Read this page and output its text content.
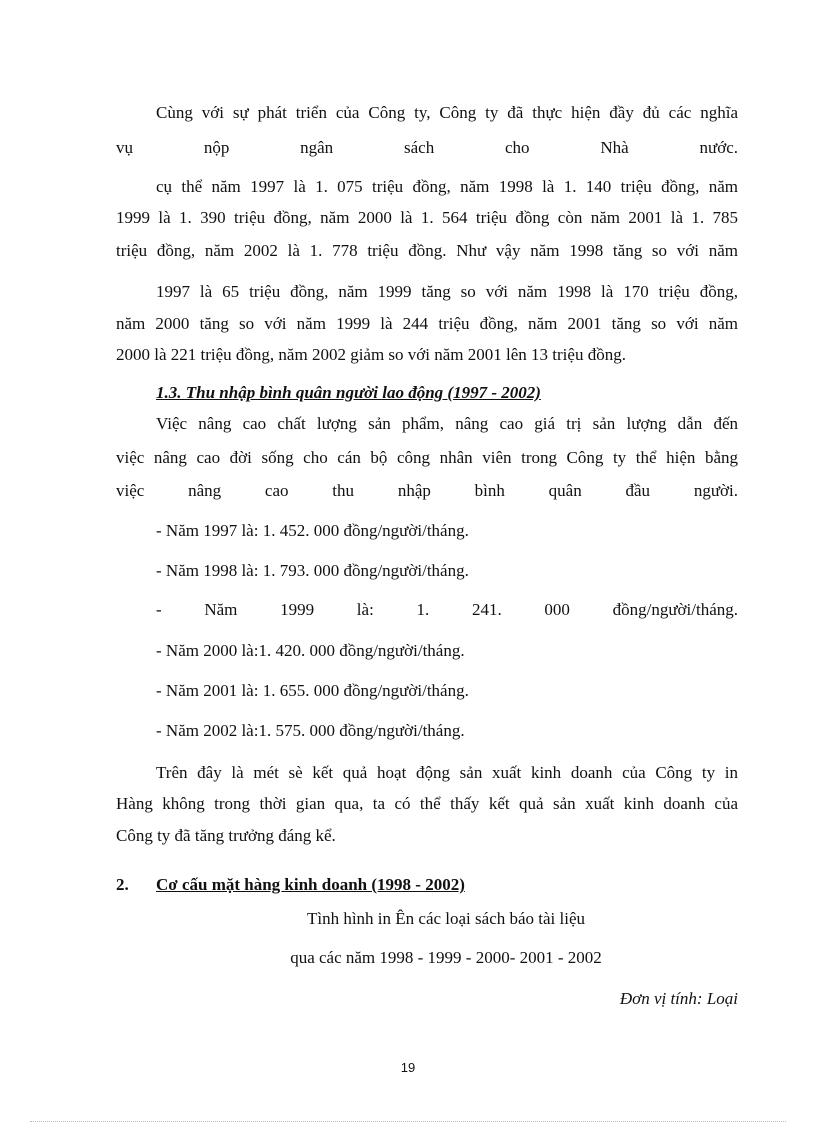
Cùng với sự phát triển của Công ty, Công ty đã thực hiện đầy đủ các nghĩa
vụ nộp ngân sách cho Nhà nước.
cụ thể năm 1997 là 1. 075 triệu đồng, năm 1998 là 1. 140 triệu đồng, năm
1999 là 1. 390 triệu đồng, năm 2000 là 1. 564 triệu đồng còn năm 2001 là 1. 785
triệu đồng, năm 2002 là 1. 778 triệu đồng. Như vậy năm 1998 tăng so với năm
1997 là 65 triệu đồng, năm 1999 tăng so với năm 1998 là 170 triệu đồng,
năm 2000 tăng so với năm 1999 là 244 triệu đồng, năm 2001 tăng so với năm
2000 là 221 triệu đồng, năm 2002 giảm so với năm 2001 lên 13 triệu đồng.
1.3. Thu nhập bình quân người lao động (1997 - 2002)
Việc nâng cao chất lượng sản phẩm, nâng cao giá trị sản lượng dẫn đến
việc nâng cao đời sống cho cán bộ công nhân viên trong Công ty thể hiện bằng
việc nâng cao thu nhập bình quân đầu người.
- Năm 1997 là: 1. 452. 000 đồng/người/tháng.
- Năm 1998 là: 1. 793. 000 đồng/người/tháng.
- Năm 1999 là: 1. 241. 000 đồng/người/tháng.
- Năm 2000 là:1. 420. 000 đồng/người/tháng.
- Năm 2001 là: 1. 655. 000 đồng/người/tháng.
- Năm 2002 là:1. 575. 000 đồng/người/tháng.
Trên đây là mét sè kết quả hoạt động sản xuất kinh doanh của Công ty in
Hàng không trong thời gian qua, ta có thể thấy kết quả sản xuất kinh doanh của
Công ty đã tăng trưởng đáng kể.
2. Cơ cấu mặt hàng kinh doanh (1998 - 2002)
Tình hình in Ên các loại sách báo tài liệu
qua các năm 1998 - 1999 - 2000- 2001 - 2002
Đơn vị tính: Loại
19
